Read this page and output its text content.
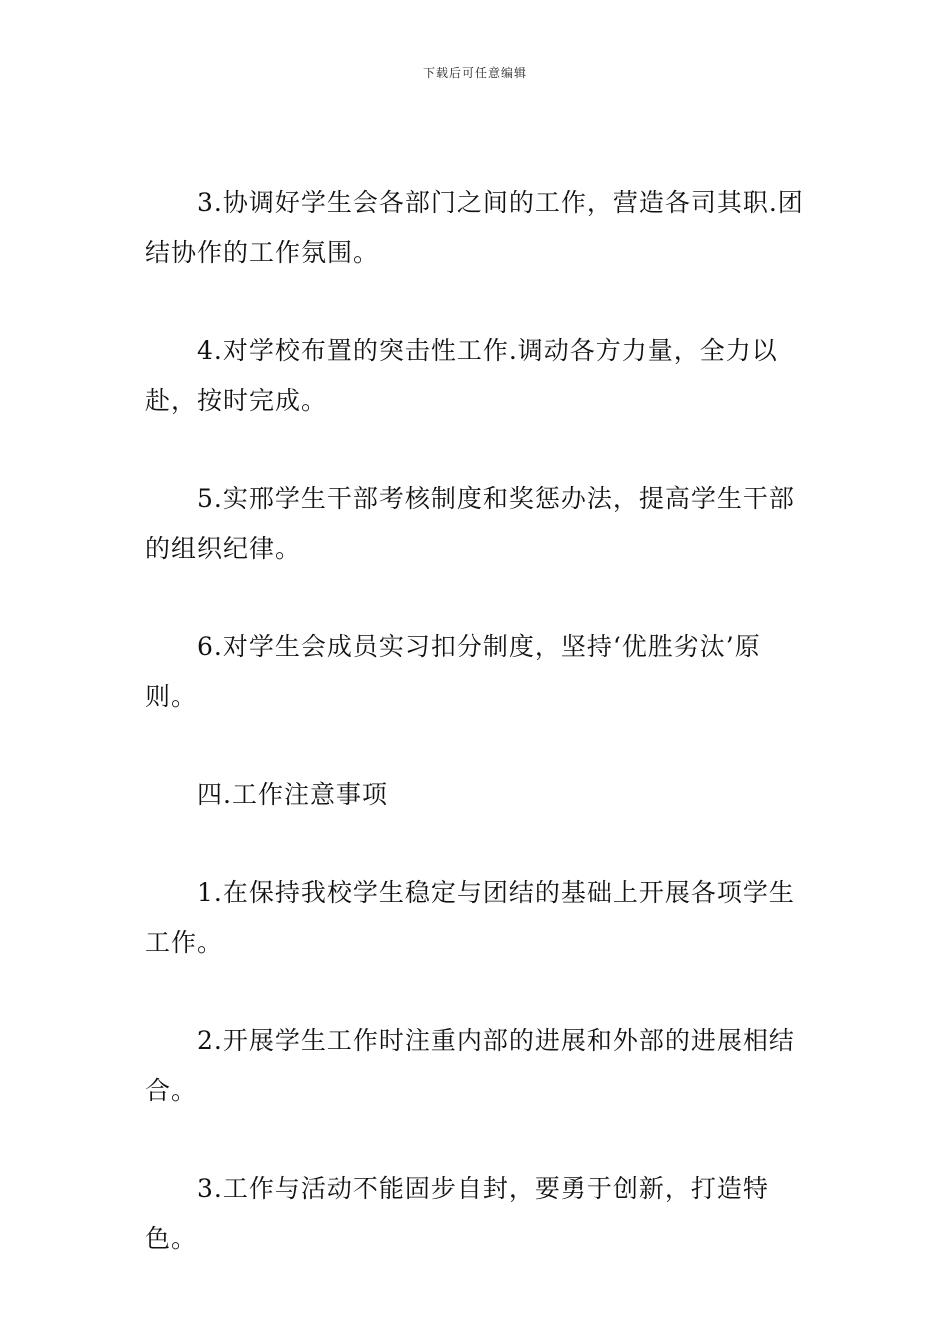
下载后可任意编辑

3.协调好学生会各部门之间的工作，营造各司其职.团结协作的工作氛围。

4.对学校布置的突击性工作.调动各方力量，全力以赴，按时完成。

5.实邢学生干部考核制度和奖惩办法，提高学生干部的组织纪律。

6.对学生会成员实习扣分制度，坚持‘优胜劣汰’原则。

四.工作注意事项

1.在保持我校学生稳定与团结的基础上开展各项学生工作。

2.开展学生工作时注重内部的进展和外部的进展相结合。

3.工作与活动不能固步自封，要勇于创新，打造特色。
